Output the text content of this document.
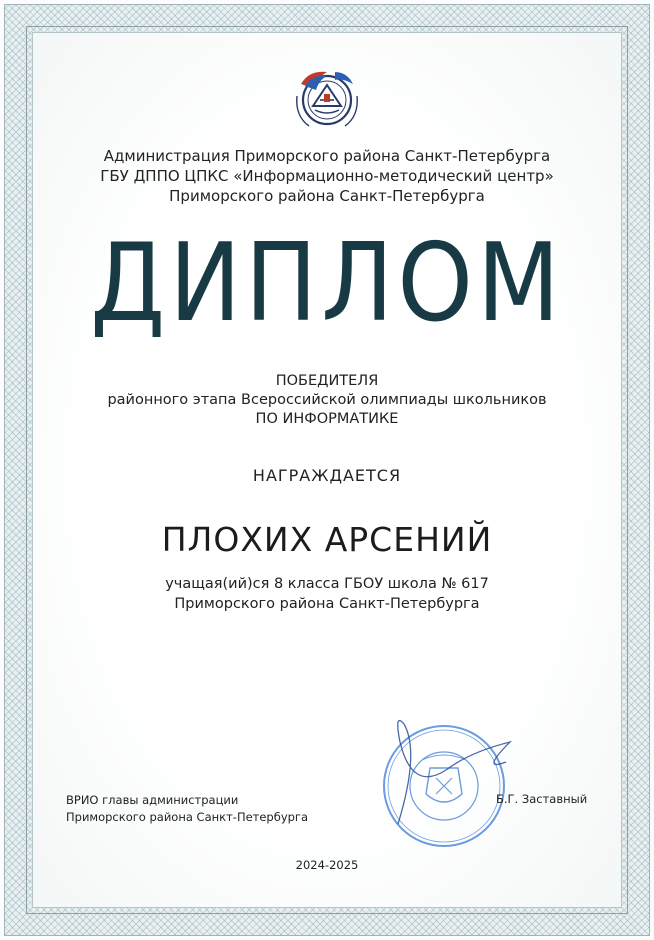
Администрация Приморского района Санкт-Петербурга
ГБУ ДППО ЦПКС «Информационно-методический центр»
Приморского района Санкт-Петербурга
ДИПЛОМ
ПОБЕДИТЕЛЯ
районного этапа Всероссийской олимпиады школьников
ПО ИНФОРМАТИКЕ
НАГРАЖДАЕТСЯ
ПЛОХИХ АРСЕНИЙ
учащая(ий)ся 8 класса ГБОУ школа № 617
Приморского района Санкт-Петербурга
ВРИО главы администрации
Приморского района Санкт-Петербурга
Б.Г. Заставный
2024-2025
